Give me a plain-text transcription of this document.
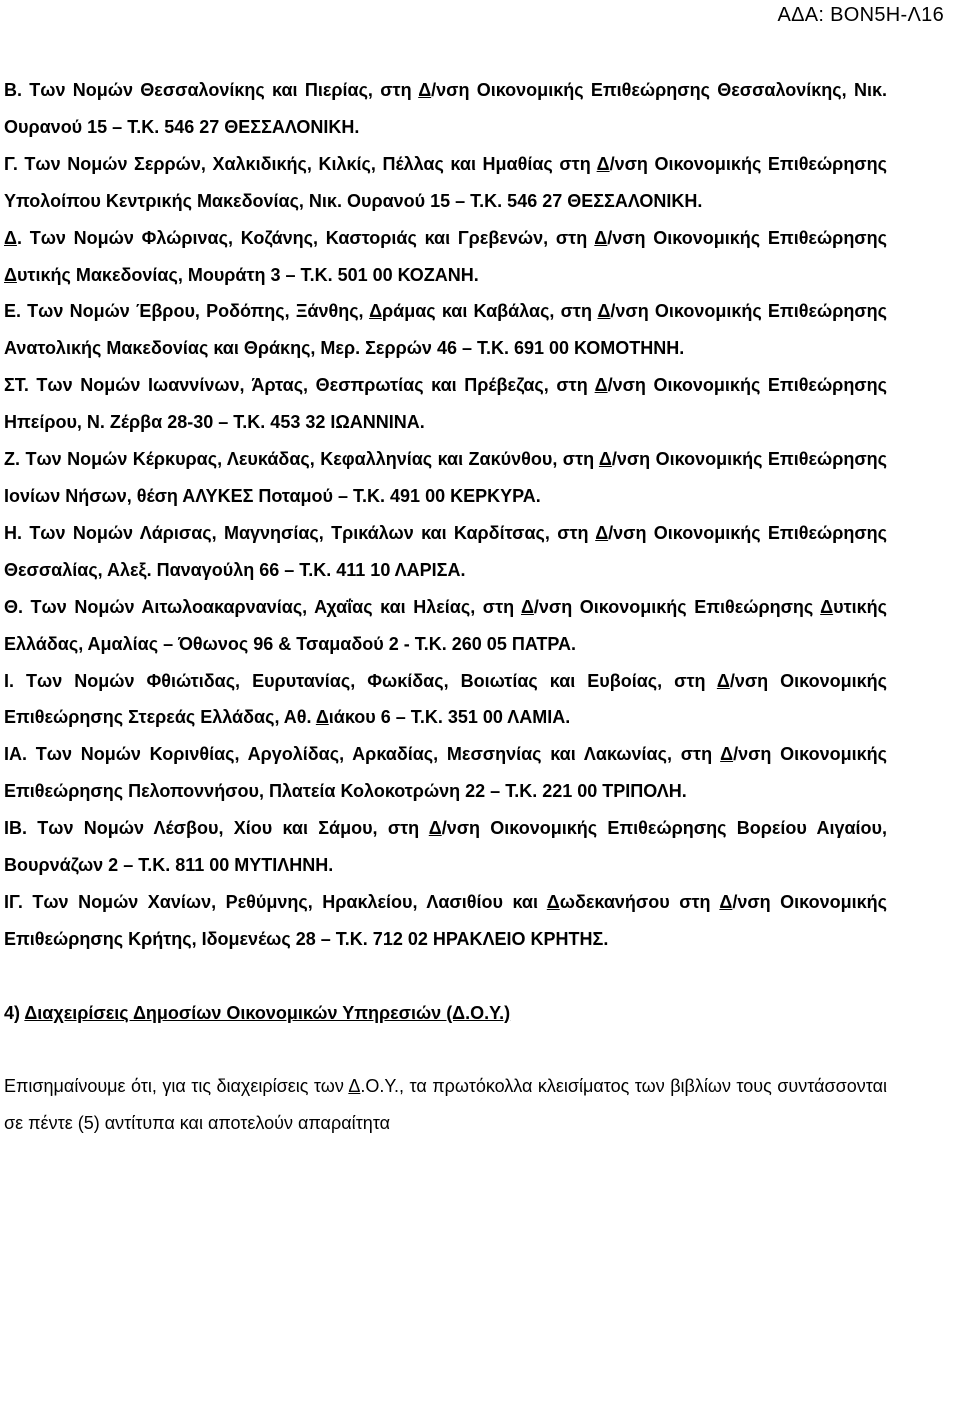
ΑΔΑ: ΒΟΝ5Η-Λ16

Β. Των Νομών Θεσσαλονίκης και Πιερίας, στη Δ/νση Οικονομικής Επιθεώρησης Θεσσαλονίκης, Νικ. Ουρανού 15 – Τ.Κ. 546 27 ΘΕΣΣΑΛΟΝΙΚΗ.

Γ. Των Νομών Σερρών, Χαλκιδικής, Κιλκίς, Πέλλας και Ημαθίας στη Δ/νση Οικονομικής Επιθεώρησης Υπολοίπου Κεντρικής Μακεδονίας, Νικ. Ουρανού 15 – Τ.Κ. 546 27 ΘΕΣΣΑΛΟΝΙΚΗ.

Δ. Των Νομών Φλώρινας, Κοζάνης, Καστοριάς και Γρεβενών, στη Δ/νση Οικονομικής Επιθεώρησης Δυτικής Μακεδονίας, Μουράτη 3 – Τ.Κ. 501 00 ΚΟΖΑΝΗ.

Ε. Των Νομών Έβρου, Ροδόπης, Ξάνθης, Δράμας και Καβάλας, στη Δ/νση Οικονομικής Επιθεώρησης Ανατολικής Μακεδονίας και Θράκης, Μερ. Σερρών 46 – Τ.Κ. 691 00 ΚΟΜΟΤΗΝΗ.

ΣΤ. Των Νομών Ιωαννίνων, Άρτας, Θεσπρωτίας και Πρέβεζας, στη Δ/νση Οικονομικής Επιθεώρησης Ηπείρου, Ν. Ζέρβα 28-30 – Τ.Κ. 453 32 ΙΩΑΝΝΙΝΑ.

Ζ. Των Νομών Κέρκυρας, Λευκάδας, Κεφαλληνίας και Ζακύνθου, στη Δ/νση Οικονομικής Επιθεώρησης Ιονίων Νήσων, θέση ΑΛΥΚΕΣ Ποταμού – Τ.Κ. 491 00 ΚΕΡΚΥΡΑ.

Η. Των Νομών Λάρισας, Μαγνησίας, Τρικάλων και Καρδίτσας, στη Δ/νση Οικονομικής Επιθεώρησης Θεσσαλίας, Αλεξ. Παναγούλη 66 – Τ.Κ. 411 10 ΛΑΡΙΣΑ.

Θ. Των Νομών Αιτωλοακαρνανίας, Αχαΐας και Ηλείας, στη Δ/νση Οικονομικής Επιθεώρησης Δυτικής Ελλάδας, Αμαλίας – Όθωνος 96 & Τσαμαδού 2 - Τ.Κ. 260 05 ΠΑΤΡΑ.

Ι. Των Νομών Φθιώτιδας, Ευρυτανίας, Φωκίδας, Βοιωτίας και Ευβοίας, στη Δ/νση Οικονομικής Επιθεώρησης Στερεάς Ελλάδας, Αθ. Διάκου 6 – Τ.Κ. 351 00 ΛΑΜΙΑ.

ΙΑ. Των Νομών Κορινθίας, Αργολίδας, Αρκαδίας, Μεσσηνίας και Λακωνίας, στη Δ/νση Οικονομικής Επιθεώρησης Πελοποννήσου, Πλατεία Κολοκοτρώνη 22 – Τ.Κ. 221 00 ΤΡΙΠΟΛΗ.

ΙΒ. Των Νομών Λέσβου, Χίου και Σάμου, στη Δ/νση Οικονομικής Επιθεώρησης Βορείου Αιγαίου, Βουρνάζων 2 – Τ.Κ. 811 00 ΜΥΤΙΛΗΝΗ.

ΙΓ. Των Νομών Χανίων, Ρεθύμνης, Ηρακλείου, Λασιθίου και Δωδεκανήσου στη Δ/νση Οικονομικής Επιθεώρησης Κρήτης, Ιδομενέως 28 – Τ.Κ. 712 02 ΗΡΑΚΛΕΙΟ ΚΡΗΤΗΣ.

4) Διαχειρίσεις Δημοσίων Οικονομικών Υπηρεσιών (Δ.Ο.Υ.)

Επισημαίνουμε ότι, για τις διαχειρίσεις των Δ.Ο.Υ., τα πρωτόκολλα κλεισίματος των βιβλίων τους συντάσσονται σε πέντε (5) αντίτυπα και αποτελούν απαραίτητα
